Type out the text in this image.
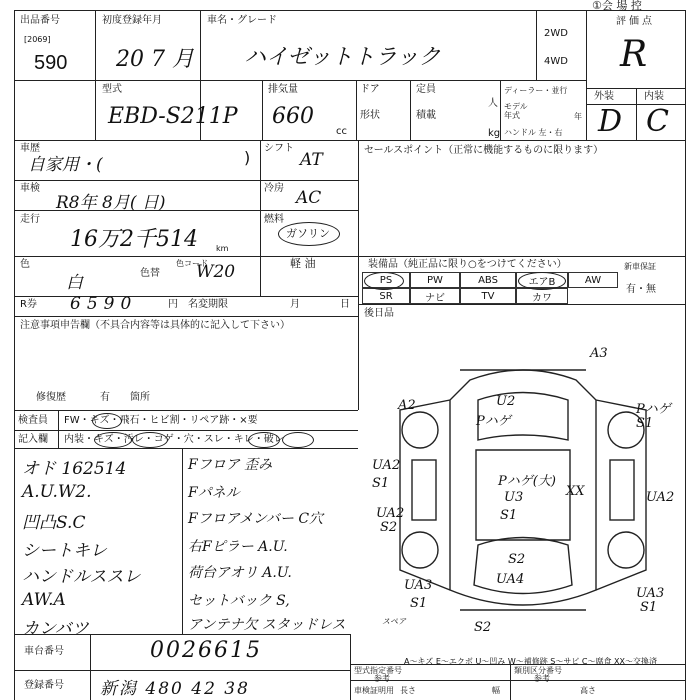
①会 場 控
出品番号
[2069]
590
初度登録年月
20 7 月
車名・グレード
ハイゼットトラック
2WD
4WD
評価点
R
型式
EBD-S211P
排気量
660
cc
ドア
形状
定員
積載
人
kg
ディーラー・並行
モデル年式	年
ハンドル 左・右
外装	内装
D C
車歴
自家用・(	) シフト
AT	セールスポイント（正常に機能するものに限ります）
車検
R8年 8月( 日)
冷房 AC
走行
16万2千514 km
燃料
ガソリン
軽 油
色
白	色替
色コード
W20	装備品（純正品に限り○をつけてください）	新車保証
有・無
PS	PW	ABS	エアB	AW
SR	ナビ	TV	カワ
R券 6590	円 名変期限	月	日
後日品
注意事項申告欄（不具合内容等は具体的に記入して下さい）
修復歴	有 箇所
検査員 FW・キズ・飛石・ヒビ割・リペア跡・×要
記入欄 内装・キズ・汚レ・コゲ・穴・スレ・キレ・破レ
オド 162514
A.U.W2.
凹凸S.C
シートキレ
ハンドルススレ
AW.A
カンバツ
Fフロア 歪み
Fパネル
Fフロアメンバー C穴
右Fピラー A.U.
荷台アオリ A.U.
セットバック S,
アンテナ欠 スタッドレス
A3
A2	U2
Pハゲ
Pハゲ
S1
UA2
S1	Pハゲ(大)
U3
S1
XX	UA2
UA2
S2
S2
UA4
UA3
S1
UA3
S1
S2
スペア
A～キズ E～エクボ U～凹み W～補修跡 S～サビ C～腐食 XX～交換済
車台番号	0026615
登録番号 新潟 480 42 38
型式指定番号	類別区分番号
参考	参考
車検証明用 長さ	幅	高さ
